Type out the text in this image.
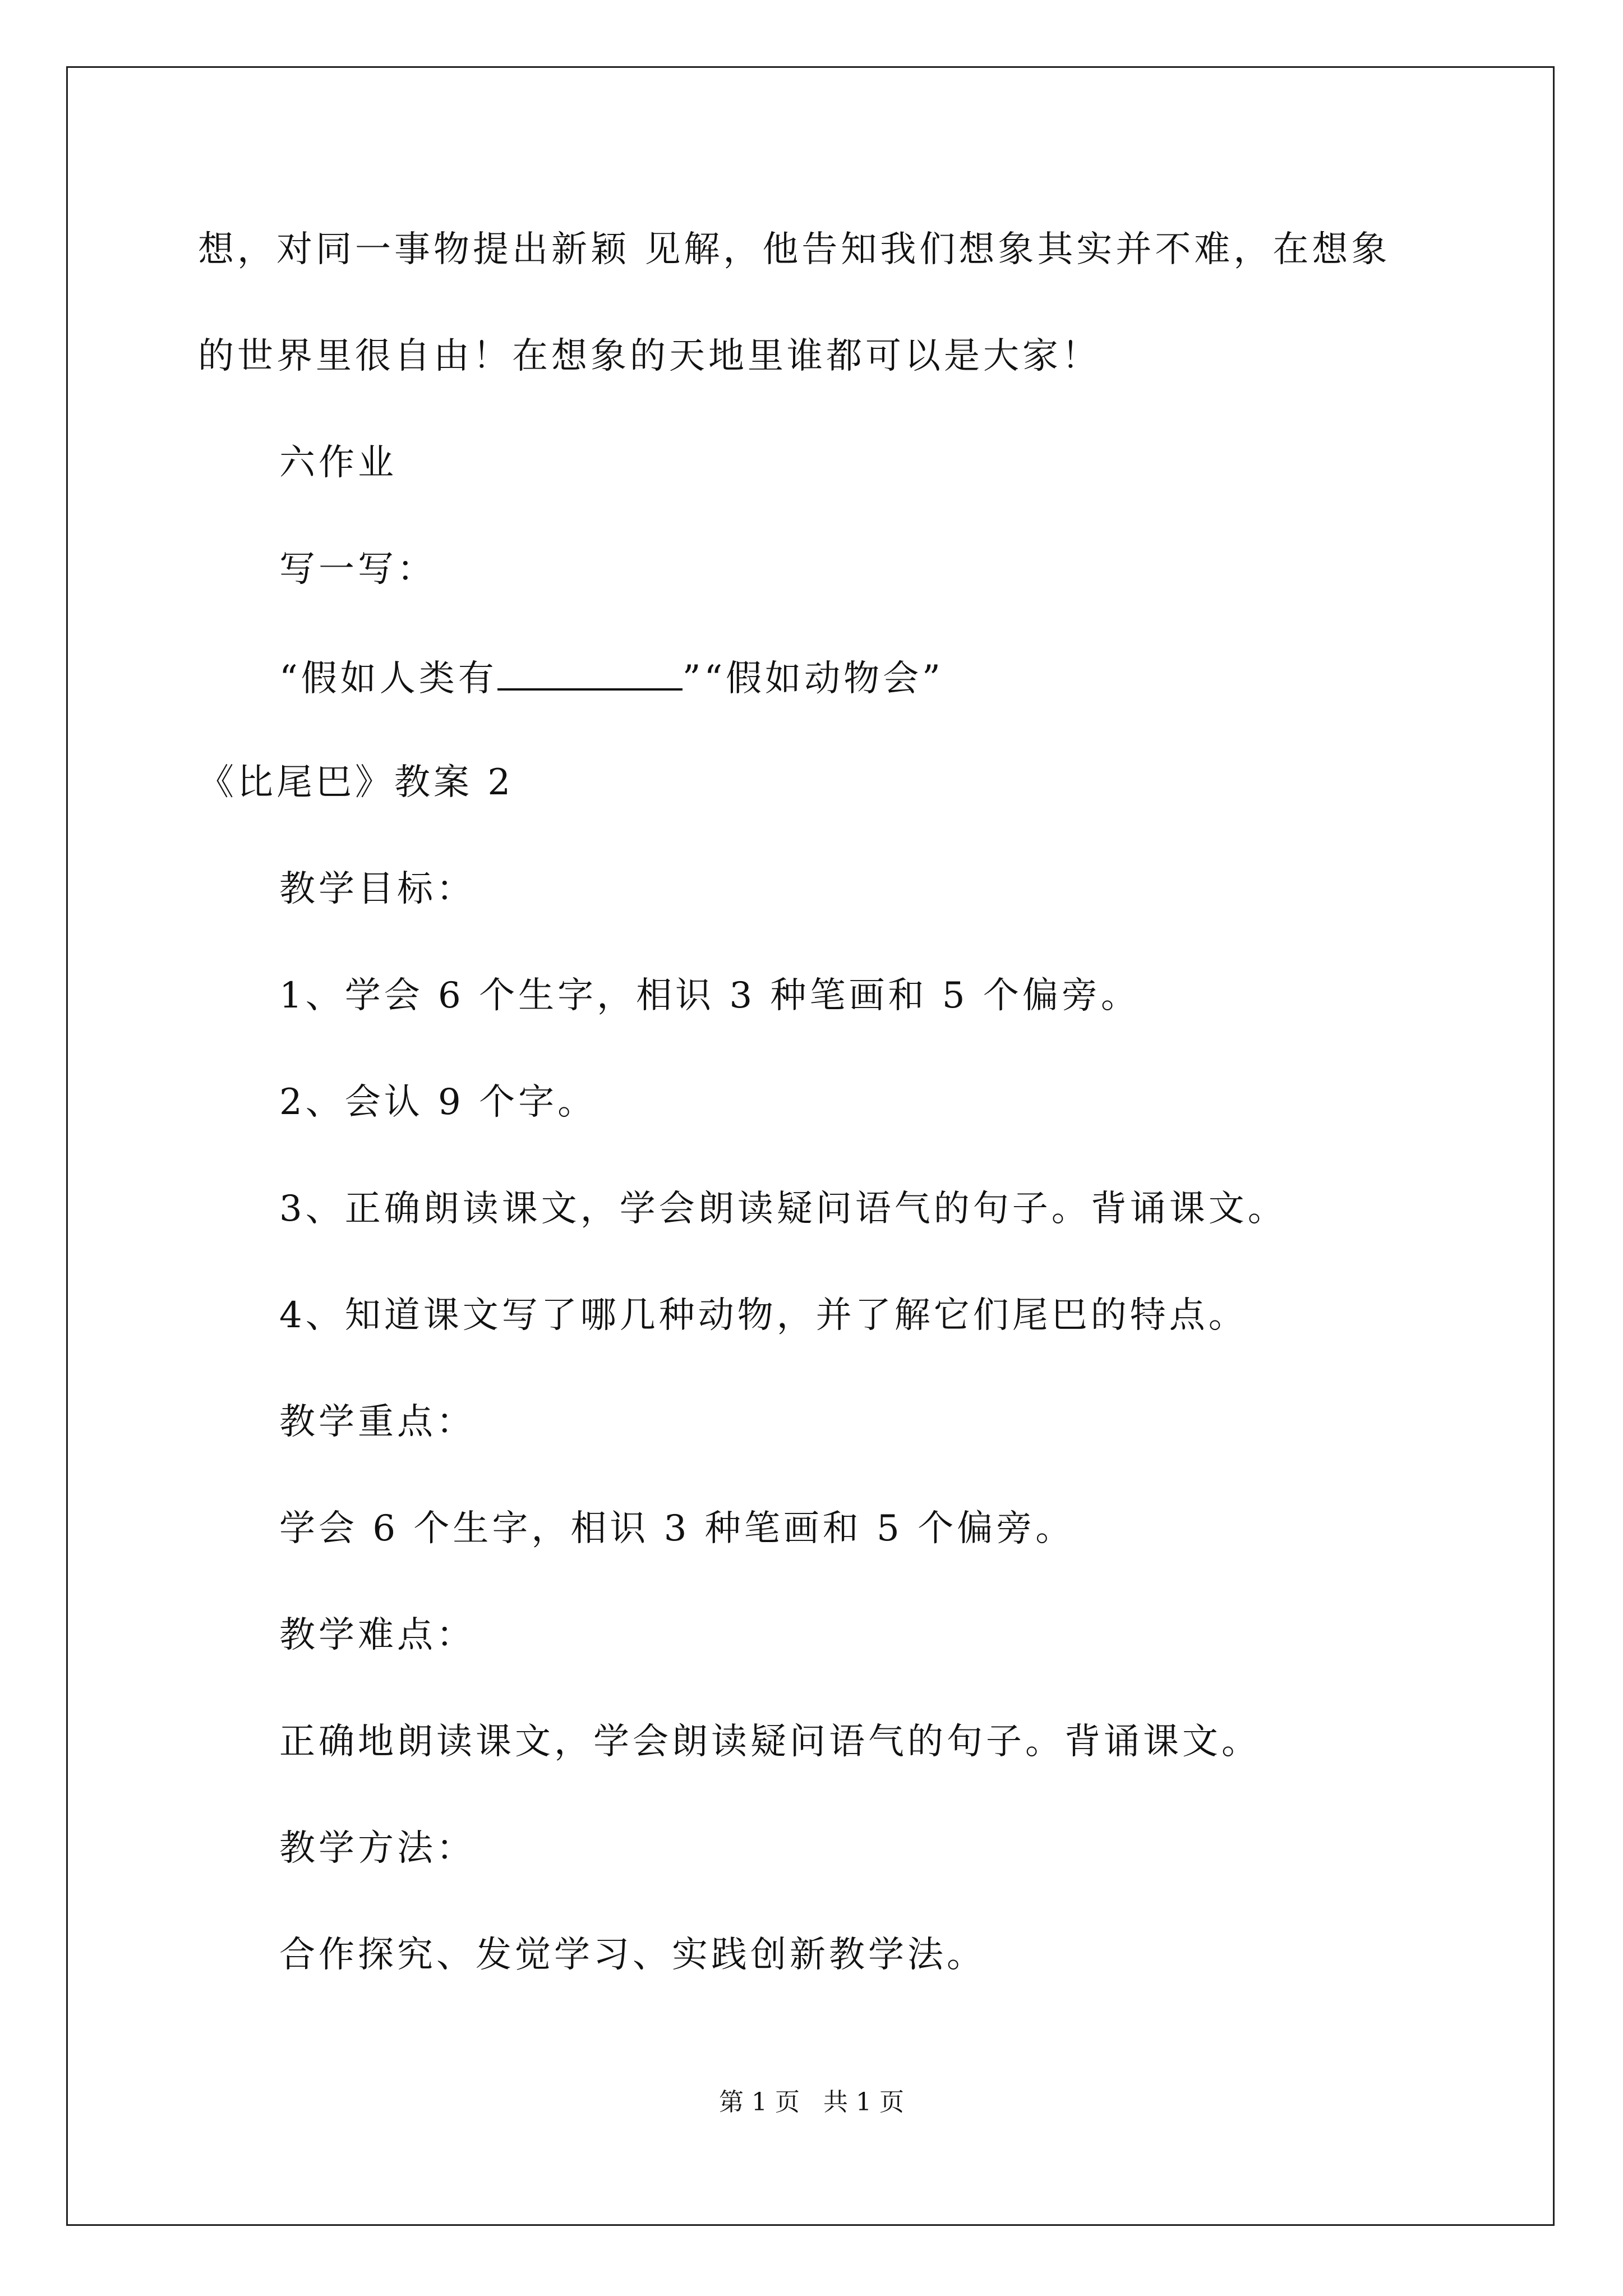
想，对同一事物提出新颖 见解，他告知我们想象其实并不难，在想象
的世界里很自由！在想象的天地里谁都可以是大家！
六作业
写一写：
“假如人类有	”“假如动物会”
《比尾巴》教案 2
教学目标：
1、学会 6 个生字，相识 3 种笔画和 5 个偏旁。
2、会认 9 个字。
3、正确朗读课文，学会朗读疑问语气的句子。背诵课文。
4、知道课文写了哪几种动物，并了解它们尾巴的特点。
教学重点：
学会 6 个生字，相识 3 种笔画和 5 个偏旁。
教学难点：
正确地朗读课文，学会朗读疑问语气的句子。背诵课文。
教学方法：
合作探究、发觉学习、实践创新教学法。
第 1 页   共 1 页
